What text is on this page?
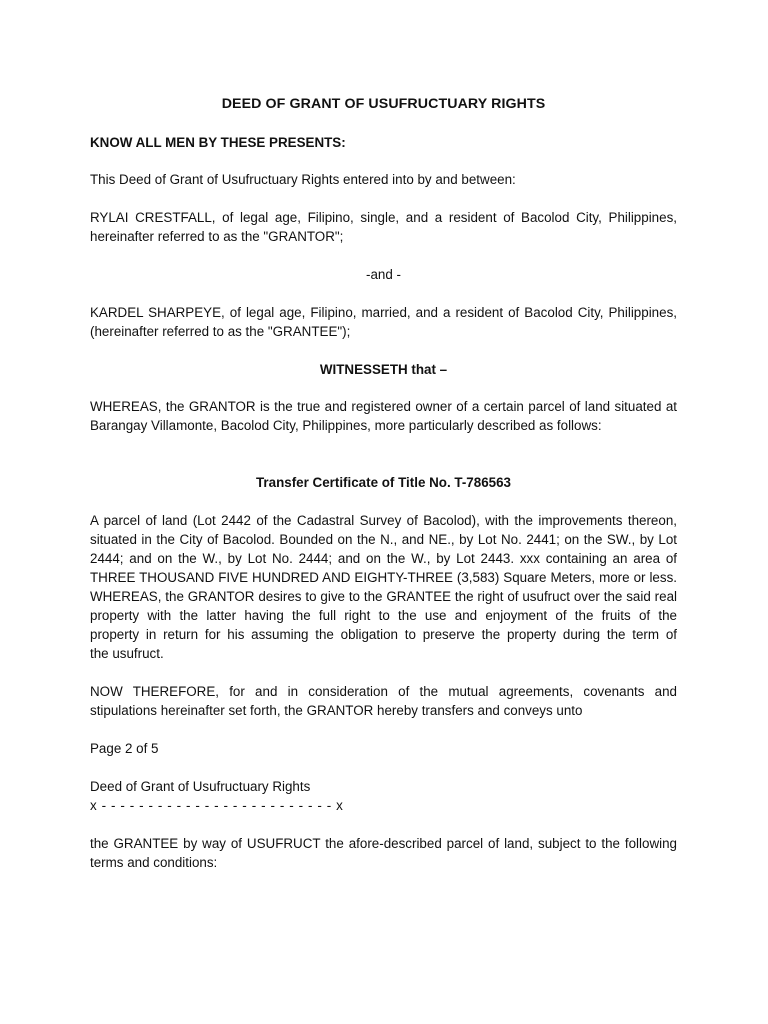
DEED OF GRANT OF USUFRUCTUARY RIGHTS
KNOW ALL MEN BY THESE PRESENTS:
This Deed of Grant of Usufructuary Rights entered into by and between:
RYLAI CRESTFALL, of legal age, Filipino, single, and a resident of Bacolod City, Philippines,
hereinafter referred to as the "GRANTOR";
-and -
KARDEL SHARPEYE, of legal age, Filipino, married, and a resident of Bacolod City, Philippines,
(hereinafter referred to as the "GRANTEE");
WITNESSETH that –
WHEREAS, the GRANTOR is the true and registered owner of a certain parcel of land situated at
Barangay Villamonte, Bacolod City, Philippines, more particularly described as follows:
Transfer Certificate of Title No. T-786563
A parcel of land (Lot 2442 of the Cadastral Survey of Bacolod), with the improvements thereon,
situated in the City of Bacolod. Bounded on the N., and NE., by Lot No. 2441; on the SW., by Lot
2444; and on the W., by Lot No. 2444; and on the W., by Lot 2443. xxx containing an area of
THREE THOUSAND FIVE HUNDRED AND EIGHTY-THREE (3,583) Square Meters, more or less.
WHEREAS, the GRANTOR desires to give to the GRANTEE the right of usufruct over the said real
property with the latter having the full right to the use and enjoyment of the fruits of the
property in return for his assuming the obligation to preserve the property during the term of
the usufruct.
NOW THEREFORE, for and in consideration of the mutual agreements, covenants and
stipulations hereinafter set forth, the GRANTOR hereby transfers and conveys unto
Page 2 of 5
Deed of Grant of Usufructuary Rights
x - - - - - - - - - - - - - - - - - - - - - - - - - x
the GRANTEE by way of USUFRUCT the afore-described parcel of land, subject to the following
terms and conditions:
